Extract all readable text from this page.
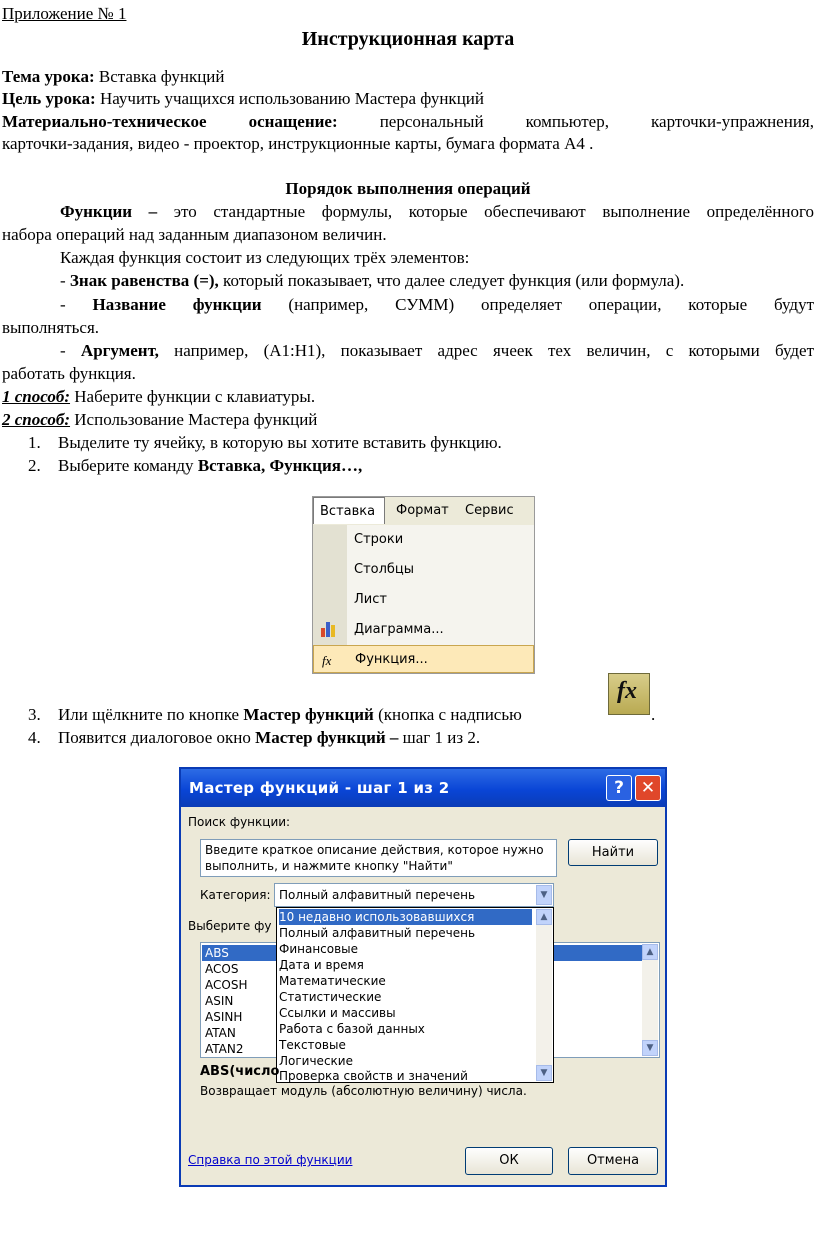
Приложение № 1
Инструкционная карта
Тема урока: Вставка функций
Цель урока: Научить учащихся использованию Мастера функций
Материально-техническое оснащение: персональный компьютер, карточки-упражнения,
карточки-задания, видео - проектор, инструкционные карты, бумага формата А4 .
Порядок выполнения операций
Функции – это стандартные формулы, которые обеспечивают выполнение определённого
набора операций над заданным диапазоном величин.
Каждая функция состоит из следующих трёх элементов:
- Знак равенства (=), который показывает, что далее следует функция (или формула).
- Название функции (например, СУММ) определяет операции, которые будут
выполняться.
- Аргумент, например, (А1:Н1), показывает адрес ячеек тех величин, с которыми будет
работать функция.
1 способ: Наберите функции с клавиатуры.
2 способ: Использование Мастера функций
1. Выделите ту ячейку, в которую вы хотите вставить функцию.
2. Выберите команду Вставка, Функция…,
Вставка	Формат Сервис
Строки
Столбцы
Лист
Диаграмма...
fx Функция...
3. Или щёлкните по кнопке Мастер функций (кнопка с надписью	.
fx
4. Появится диалоговое окно Мастер функций – шаг 1 из 2.
Мастер функций - шаг 1 из 2	? ✕
Поиск функции:
Введите краткое описание действия, которое нужно
выполнить, и нажмите кнопку "Найти"
Найти
Категория: Полный алфавитный перечень	▼
Выберите фу
ABS
ACOS
ACOSH
ASIN
ASINH
ATAN
ATAN2
▲
▼
10 недавно использовавшихся
Полный алфавитный перечень
Финансовые
Дата и время
Математические
Статистические
Ссылки и массивы
Работа с базой данных
Текстовые
Логические
Проверка свойств и значений
▲
▼
ABS(число
Возвращает модуль (абсолютную величину) числа.
Справка по этой функции	ОК	Отмена
